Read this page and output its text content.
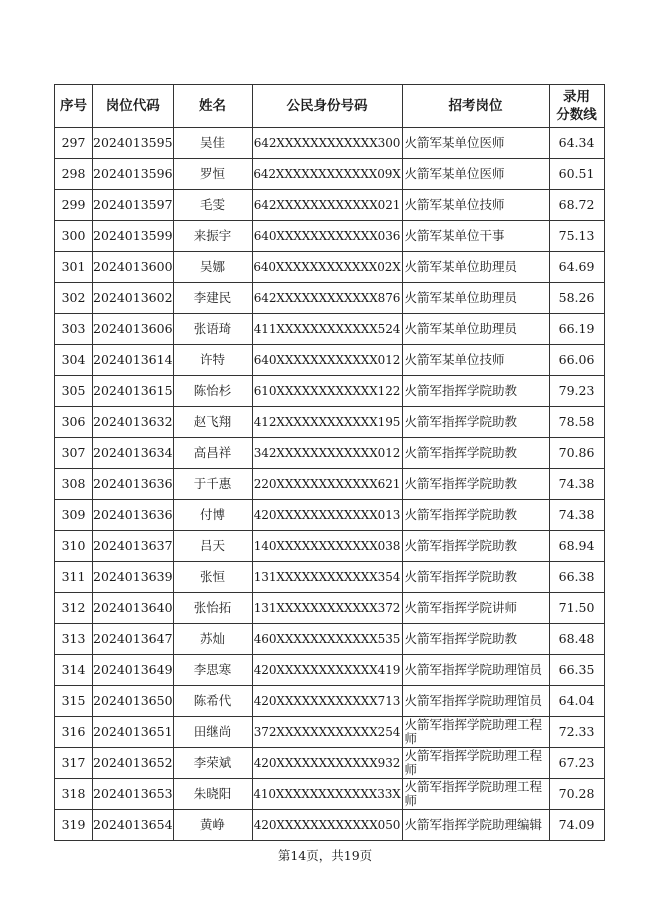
序号	岗位代码	姓名	公民身份号码	招考岗位	录用
分数线
297	2024013595	吴佳	642XXXXXXXXXXXX300	火箭军某单位医师	64.34
298	2024013596	罗恒	642XXXXXXXXXXXX09X	火箭军某单位医师	60.51
299	2024013597	毛雯	642XXXXXXXXXXXX021	火箭军某单位技师	68.72
300	2024013599	来振宇	640XXXXXXXXXXXX036	火箭军某单位干事	75.13
301	2024013600	吴娜	640XXXXXXXXXXXX02X	火箭军某单位助理员	64.69
302	2024013602	李建民	642XXXXXXXXXXXX876	火箭军某单位助理员	58.26
303	2024013606	张语琦	411XXXXXXXXXXXX524	火箭军某单位助理员	66.19
304	2024013614	许特	640XXXXXXXXXXXX012	火箭军某单位技师	66.06
305	2024013615	陈怡杉	610XXXXXXXXXXXX122	火箭军指挥学院助教	79.23
306	2024013632	赵飞翔	412XXXXXXXXXXXX195	火箭军指挥学院助教	78.58
307	2024013634	高昌祥	342XXXXXXXXXXXX012	火箭军指挥学院助教	70.86
308	2024013636	于千惠	220XXXXXXXXXXXX621	火箭军指挥学院助教	74.38
309	2024013636	付博	420XXXXXXXXXXXX013	火箭军指挥学院助教	74.38
310	2024013637	吕天	140XXXXXXXXXXXX038	火箭军指挥学院助教	68.94
311	2024013639	张恒	131XXXXXXXXXXXX354	火箭军指挥学院助教	66.38
312	2024013640	张怡拓	131XXXXXXXXXXXX372	火箭军指挥学院讲师	71.50
313	2024013647	苏灿	460XXXXXXXXXXXX535	火箭军指挥学院助教	68.48
314	2024013649	李思寒	420XXXXXXXXXXXX419	火箭军指挥学院助理馆员	66.35
315	2024013650	陈希代	420XXXXXXXXXXXX713	火箭军指挥学院助理馆员	64.04
316	2024013651	田继尚	372XXXXXXXXXXXX254	火箭军指挥学院助理工程师	72.33
317	2024013652	李荣斌	420XXXXXXXXXXXX932	火箭军指挥学院助理工程师	67.23
318	2024013653	朱晓阳	410XXXXXXXXXXXX33X	火箭军指挥学院助理工程师	70.28
319	2024013654	黄峥	420XXXXXXXXXXXX050	火箭军指挥学院助理编辑	74.09
第14页，共19页
